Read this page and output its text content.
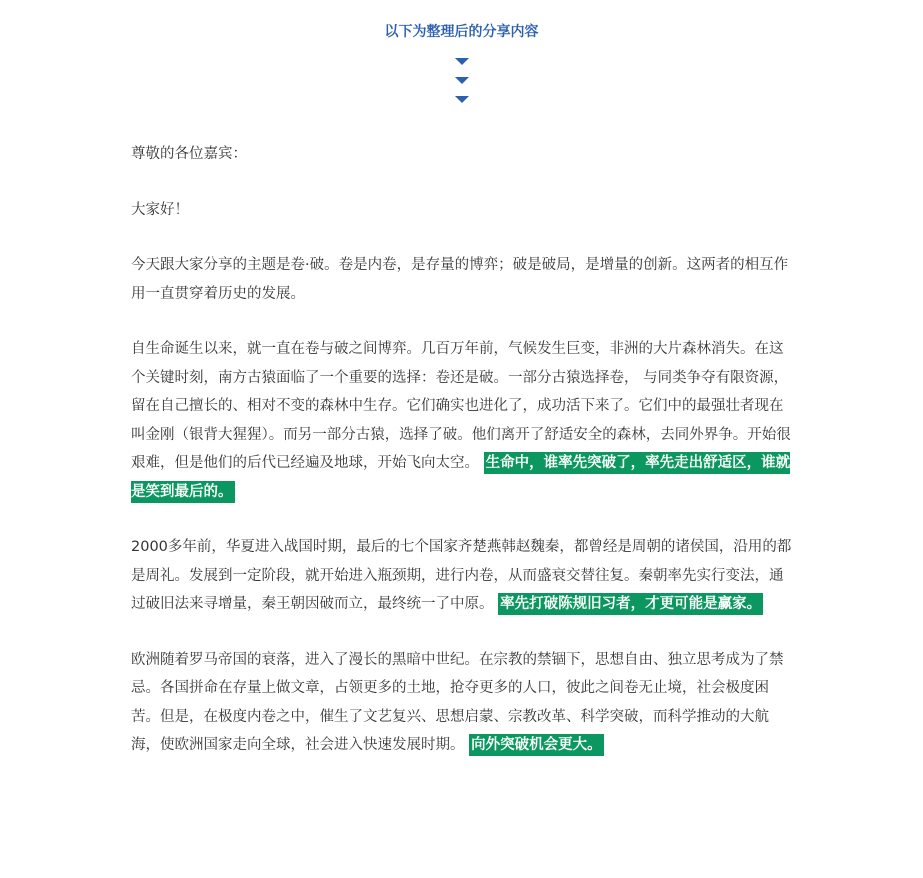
以下为整理后的分享内容

尊敬的各位嘉宾：

大家好！

今天跟大家分享的主题是卷·破。卷是内卷，是存量的博弈；破是破局，是增量的创新。这两者的相互作用一直贯穿着历史的发展。

自生命诞生以来，就一直在卷与破之间博弈。几百万年前，气候发生巨变，非洲的大片森林消失。在这个关键时刻，南方古猿面临了一个重要的选择：卷还是破。一部分古猿选择卷， 与同类争夺有限资源，留在自己擅长的、相对不变的森林中生存。它们确实也进化了，成功活下来了。它们中的最强壮者现在叫金刚（银背大猩猩）。而另一部分古猿，选择了破。他们离开了舒适安全的森林，去同外界争。开始很艰难，但是他们的后代已经遍及地球，开始飞向太空。 生命中，谁率先突破了，率先走出舒适区，谁就是笑到最后的。

2000多年前，华夏进入战国时期，最后的七个国家齐楚燕韩赵魏秦，都曾经是周朝的诸侯国，沿用的都是周礼。发展到一定阶段，就开始进入瓶颈期，进行内卷，从而盛衰交替往复。秦朝率先实行变法，通过破旧法来寻增量，秦王朝因破而立，最终统一了中原。 率先打破陈规旧习者，才更可能是赢家。

欧洲随着罗马帝国的衰落，进入了漫长的黑暗中世纪。在宗教的禁锢下，思想自由、独立思考成为了禁忌。各国拼命在存量上做文章，占领更多的土地，抢夺更多的人口，彼此之间卷无止境，社会极度困苦。但是，在极度内卷之中，催生了文艺复兴、思想启蒙、宗教改革、科学突破，而科学推动的大航海，使欧洲国家走向全球，社会进入快速发展时期。 向外突破机会更大。
